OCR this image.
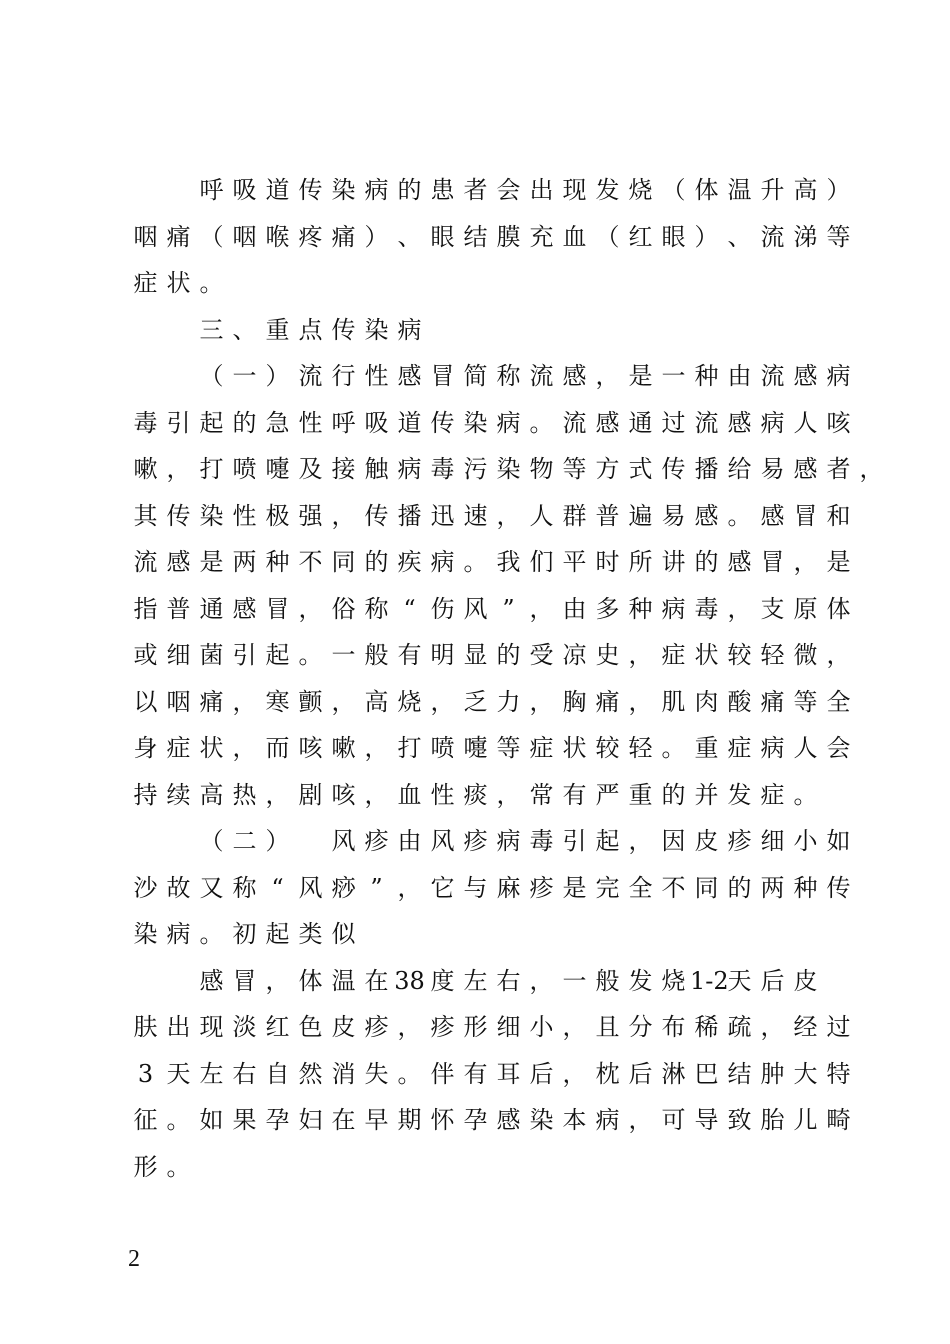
呼 吸 道 传 染 病 的 患 者 会 出 现 发 烧 （ 体 温 升 高 ）
咽 痛 （ 咽 喉 疼 痛 ） 、 眼 结 膜 充 血 （ 红 眼 ） 、 流 涕 等
症 状 。
三 、 重 点 传 染 病
（ 一 ） 流 行 性 感 冒 简 称 流 感 ， 是 一 种 由 流 感 病
毒 引 起 的 急 性 呼 吸 道 传 染 病 。 流 感 通 过 流 感 病 人 咳
嗽 ， 打 喷 嚏 及 接 触 病 毒 污 染 物 等 方 式 传 播 给 易 感 者 ，
其 传 染 性 极 强 ， 传 播 迅 速 ， 人 群 普 遍 易 感 。 感 冒 和
流 感 是 两 种 不 同 的 疾 病 。 我 们 平 时 所 讲 的 感 冒 ， 是
指 普 通 感 冒 ， 俗 称 “ 伤 风 ” ， 由 多 种 病 毒 ， 支 原 体
或 细 菌 引 起 。 一 般 有 明 显 的 受 凉 史 ， 症 状 较 轻 微 ，
以 咽 痛 ， 寒 颤 ， 高 烧 ， 乏 力 ， 胸 痛 ， 肌 肉 酸 痛 等 全
身 症 状 ， 而 咳 嗽 ， 打 喷 嚏 等 症 状 较 轻 。 重 症 病 人 会
持 续 高 热 ， 剧 咳 ， 血 性 痰 ， 常 有 严 重 的 并 发 症 。
（ 二 ） 风 疹 由 风 疹 病 毒 引 起 ， 因 皮 疹 细 小 如
沙 故 又 称 “ 风 痧 ” ， 它 与 麻 疹 是 完 全 不 同 的 两 种 传
染 病 。 初 起 类 似
感 冒 ， 体 温 在 38 度 左 右 ， 一 般 发 烧 1-2
天 后 皮
肤 出 现 淡 红 色 皮 疹 ， 疹 形 细 小 ， 且 分 布 稀 疏 ， 经 过
3 天 左 右 自 然 消 失 。 伴 有 耳 后 ， 枕 后 淋 巴 结 肿 大 特
征 。 如 果 孕 妇 在 早 期 怀 孕 感 染 本 病 ， 可 导 致 胎 儿 畸
形 。
2
